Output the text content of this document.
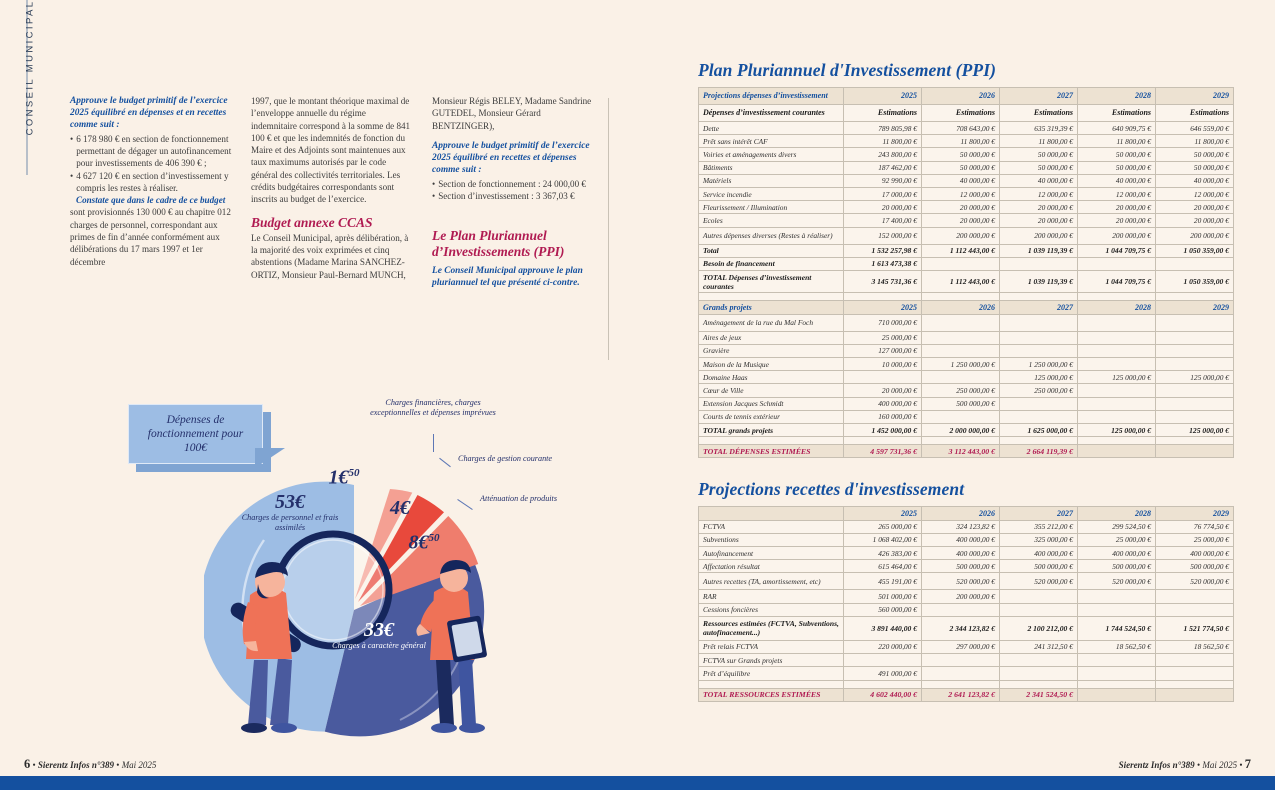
CONSEIL MUNICIPAL	Approuve le budget primitif de l’exercice 2025 équilibré en dépenses et en recettes comme suit :
• 6 178 980 € en section de fonctionnement permettant de dégager un autofinancement pour investissements de 406 390 € ;
• 4 627 120 € en section d’investissement y compris les restes à réaliser.
Constate que dans le cadre de ce budget sont provisionnés 130 000 € au chapitre 012 charges de personnel, correspondant aux primes de fin d’année conformément aux délibérations du 17 mars 1997 et 1er décembre
1997, que le montant théorique maximal de l’enveloppe annuelle du régime indemnitaire correspond à la somme de 841 100 € et que les indemnités de fonction du Maire et des Adjoints sont maintenues aux taux maximums autorisés par le code général des collectivités territoriales. Les crédits budgétaires correspondants sont inscrits au budget de l’exercice.
Budget annexe CCAS
Le Conseil Municipal, après délibération, à la majorité des voix exprimées et cinq abstentions (Madame Marina SANCHEZ-ORTIZ, Monsieur Paul-Bernard MUNCH,
Monsieur Régis BELEY, Madame Sandrine GUTEDEL, Monsieur Gérard BENTZINGER),
Approuve le budget primitif de l’exercice 2025 équilibré en recettes et dépenses comme suit :
• Section de fonctionnement : 24 000,00 €
• Section d’investissement : 3 367,03 €
Le Plan Pluriannuel d’Investissements (PPI)
Le Conseil Municipal approuve le plan pluriannuel tel que présenté ci-contre.
Dépenses de fonctionnement pour 100€
Charges financières, charges exceptionnelles et dépenses imprévues
Charges de gestion courante
Atténuation de produits
53€
Charges de personnel et frais assimilés
33€
Charges à caractère général
8€$^{50}$
4€
1€$^{50}$
Plan Pluriannuel d'Investissement (PPI)
Projections dépenses d’investissement	2025	2026	2027	2028	2029
Dépenses d’investissement courantes	Estimations	Estimations	Estimations	Estimations	Estimations
Dette	789 805,98 €	708 643,00 €	635 319,39 €	640 909,75 €	646 559,00 €
Prêt sans intérêt CAF	11 800,00 €	11 800,00 €	11 800,00 €	11 800,00 €	11 800,00 €
Voiries et aménagements divers	243 800,00 €	50 000,00 €	50 000,00 €	50 000,00 €	50 000,00 €
Bâtiments	187 462,00 €	50 000,00 €	50 000,00 €	50 000,00 €	50 000,00 €
Matériels	92 990,00 €	40 000,00 €	40 000,00 €	40 000,00 €	40 000,00 €
Service incendie	17 000,00 €	12 000,00 €	12 000,00 €	12 000,00 €	12 000,00 €
Fleurissement / Illumination	20 000,00 €	20 000,00 €	20 000,00 €	20 000,00 €	20 000,00 €
Ecoles	17 400,00 €	20 000,00 €	20 000,00 €	20 000,00 €	20 000,00 €
Autres dépenses diverses (Restes à réaliser)	152 000,00 €	200 000,00 €	200 000,00 €	200 000,00 €	200 000,00 €
Total	1 532 257,98 €	1 112 443,00 €	1 039 119,39 €	1 044 709,75 €	1 050 359,00 €
Besoin de financement	1 613 473,38 €				
TOTAL Dépenses d’investissement courantes	3 145 731,36 €	1 112 443,00 €	1 039 119,39 €	1 044 709,75 €	1 050 359,00 €

Grands projets	2025	2026	2027	2028	2029
Aménagement de la rue du Mal Foch	710 000,00 €				
Aires de jeux	25 000,00 €				
Gravière	127 000,00 €				
Maison de la Musique	10 000,00 €	1 250 000,00 €	1 250 000,00 €		
Domaine Haas			125 000,00 €	125 000,00 €	125 000,00 €
Cœur de Ville	20 000,00 €	250 000,00 €	250 000,00 €		
Extension Jacques Schmidt	400 000,00 €	500 000,00 €			
Courts de tennis extérieur	160 000,00 €				
TOTAL grands projets	1 452 000,00 €	2 000 000,00 €	1 625 000,00 €	125 000,00 €	125 000,00 €

TOTAL DÉPENSES ESTIMÉES	4 597 731,36 €	3 112 443,00 €	2 664 119,39 €		
Projections recettes d'investissement
	2025	2026	2027	2028	2029
FCTVA	265 000,00 €	324 123,82 €	355 212,00 €	299 524,50 €	76 774,50 €
Subventions	1 068 402,00 €	400 000,00 €	325 000,00 €	25 000,00 €	25 000,00 €
Autofinancement	426 383,00 €	400 000,00 €	400 000,00 €	400 000,00 €	400 000,00 €
Affectation résultat	615 464,00 €	500 000,00 €	500 000,00 €	500 000,00 €	500 000,00 €
Autres recettes (TA, amortissement, etc)	455 191,00 €	520 000,00 €	520 000,00 €	520 000,00 €	520 000,00 €
RAR	501 000,00 €	200 000,00 €			
Cessions foncières	560 000,00 €				
Ressources estimées (FCTVA, Subventions, autofinacement...)	3 891 440,00 €	2 344 123,82 €	2 100 212,00 €	1 744 524,50 €	1 521 774,50 €
Prêt relais FCTVA	220 000,00 €	297 000,00 €	241 312,50 €	18 562,50 €	18 562,50 €
FCTVA sur Grands projets					
Prêt d’équilibre	491 000,00 €				

TOTAL RESSOURCES ESTIMÉES	4 602 440,00 €	2 641 123,82 €	2 341 524,50 €		
6 • Sierentz Infos n°389 • Mai 2025	Sierentz Infos n°389 • Mai 2025 • 7
